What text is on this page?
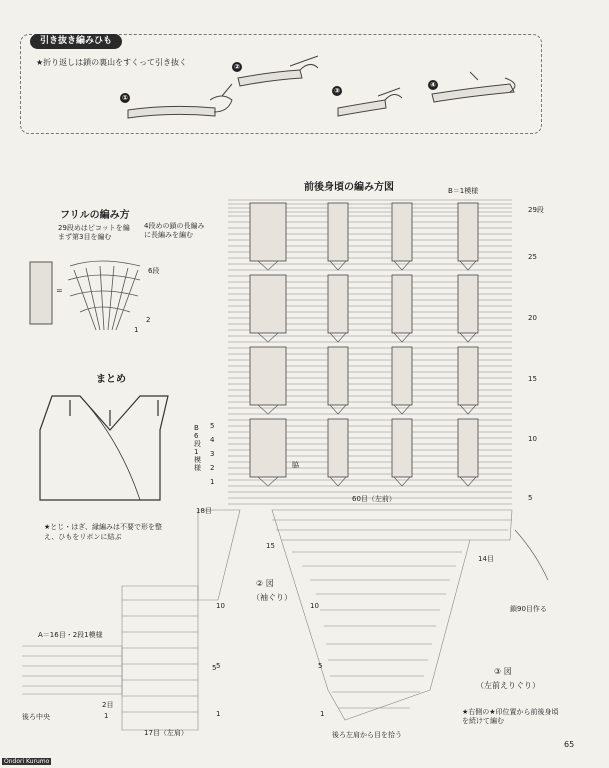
引き抜き編みひも
★折り返しは鎖の裏山をすくって引き抜く
①
②
③
④
フリルの編み方
29段めはピコットを編まず第3目を編む
4段めの鎖の長編みに長編みを編む
6段
2
1
=
まとめ
★とじ・はぎ、縁編みは不要で形を整え、ひもをリボンに結ぶ
前後身頃の編み方図	B＝1模様
29段
25
20
15
10
5
B 6段 1模様
5
4
3
2
1
脇
60目（左前）
18目
15
14目
鎖90目作る
② 図
（袖ぐり）
10
5
1
③ 図
（左前えりぐり）
10
5
1
A＝16目・2段1模様
5
後ろ中央
2目
1
17目（左肩）	後ろ左肩から目を拾う
★右側の★印位置から前後身頃を続けて編む
Ondori Kurumo
65
